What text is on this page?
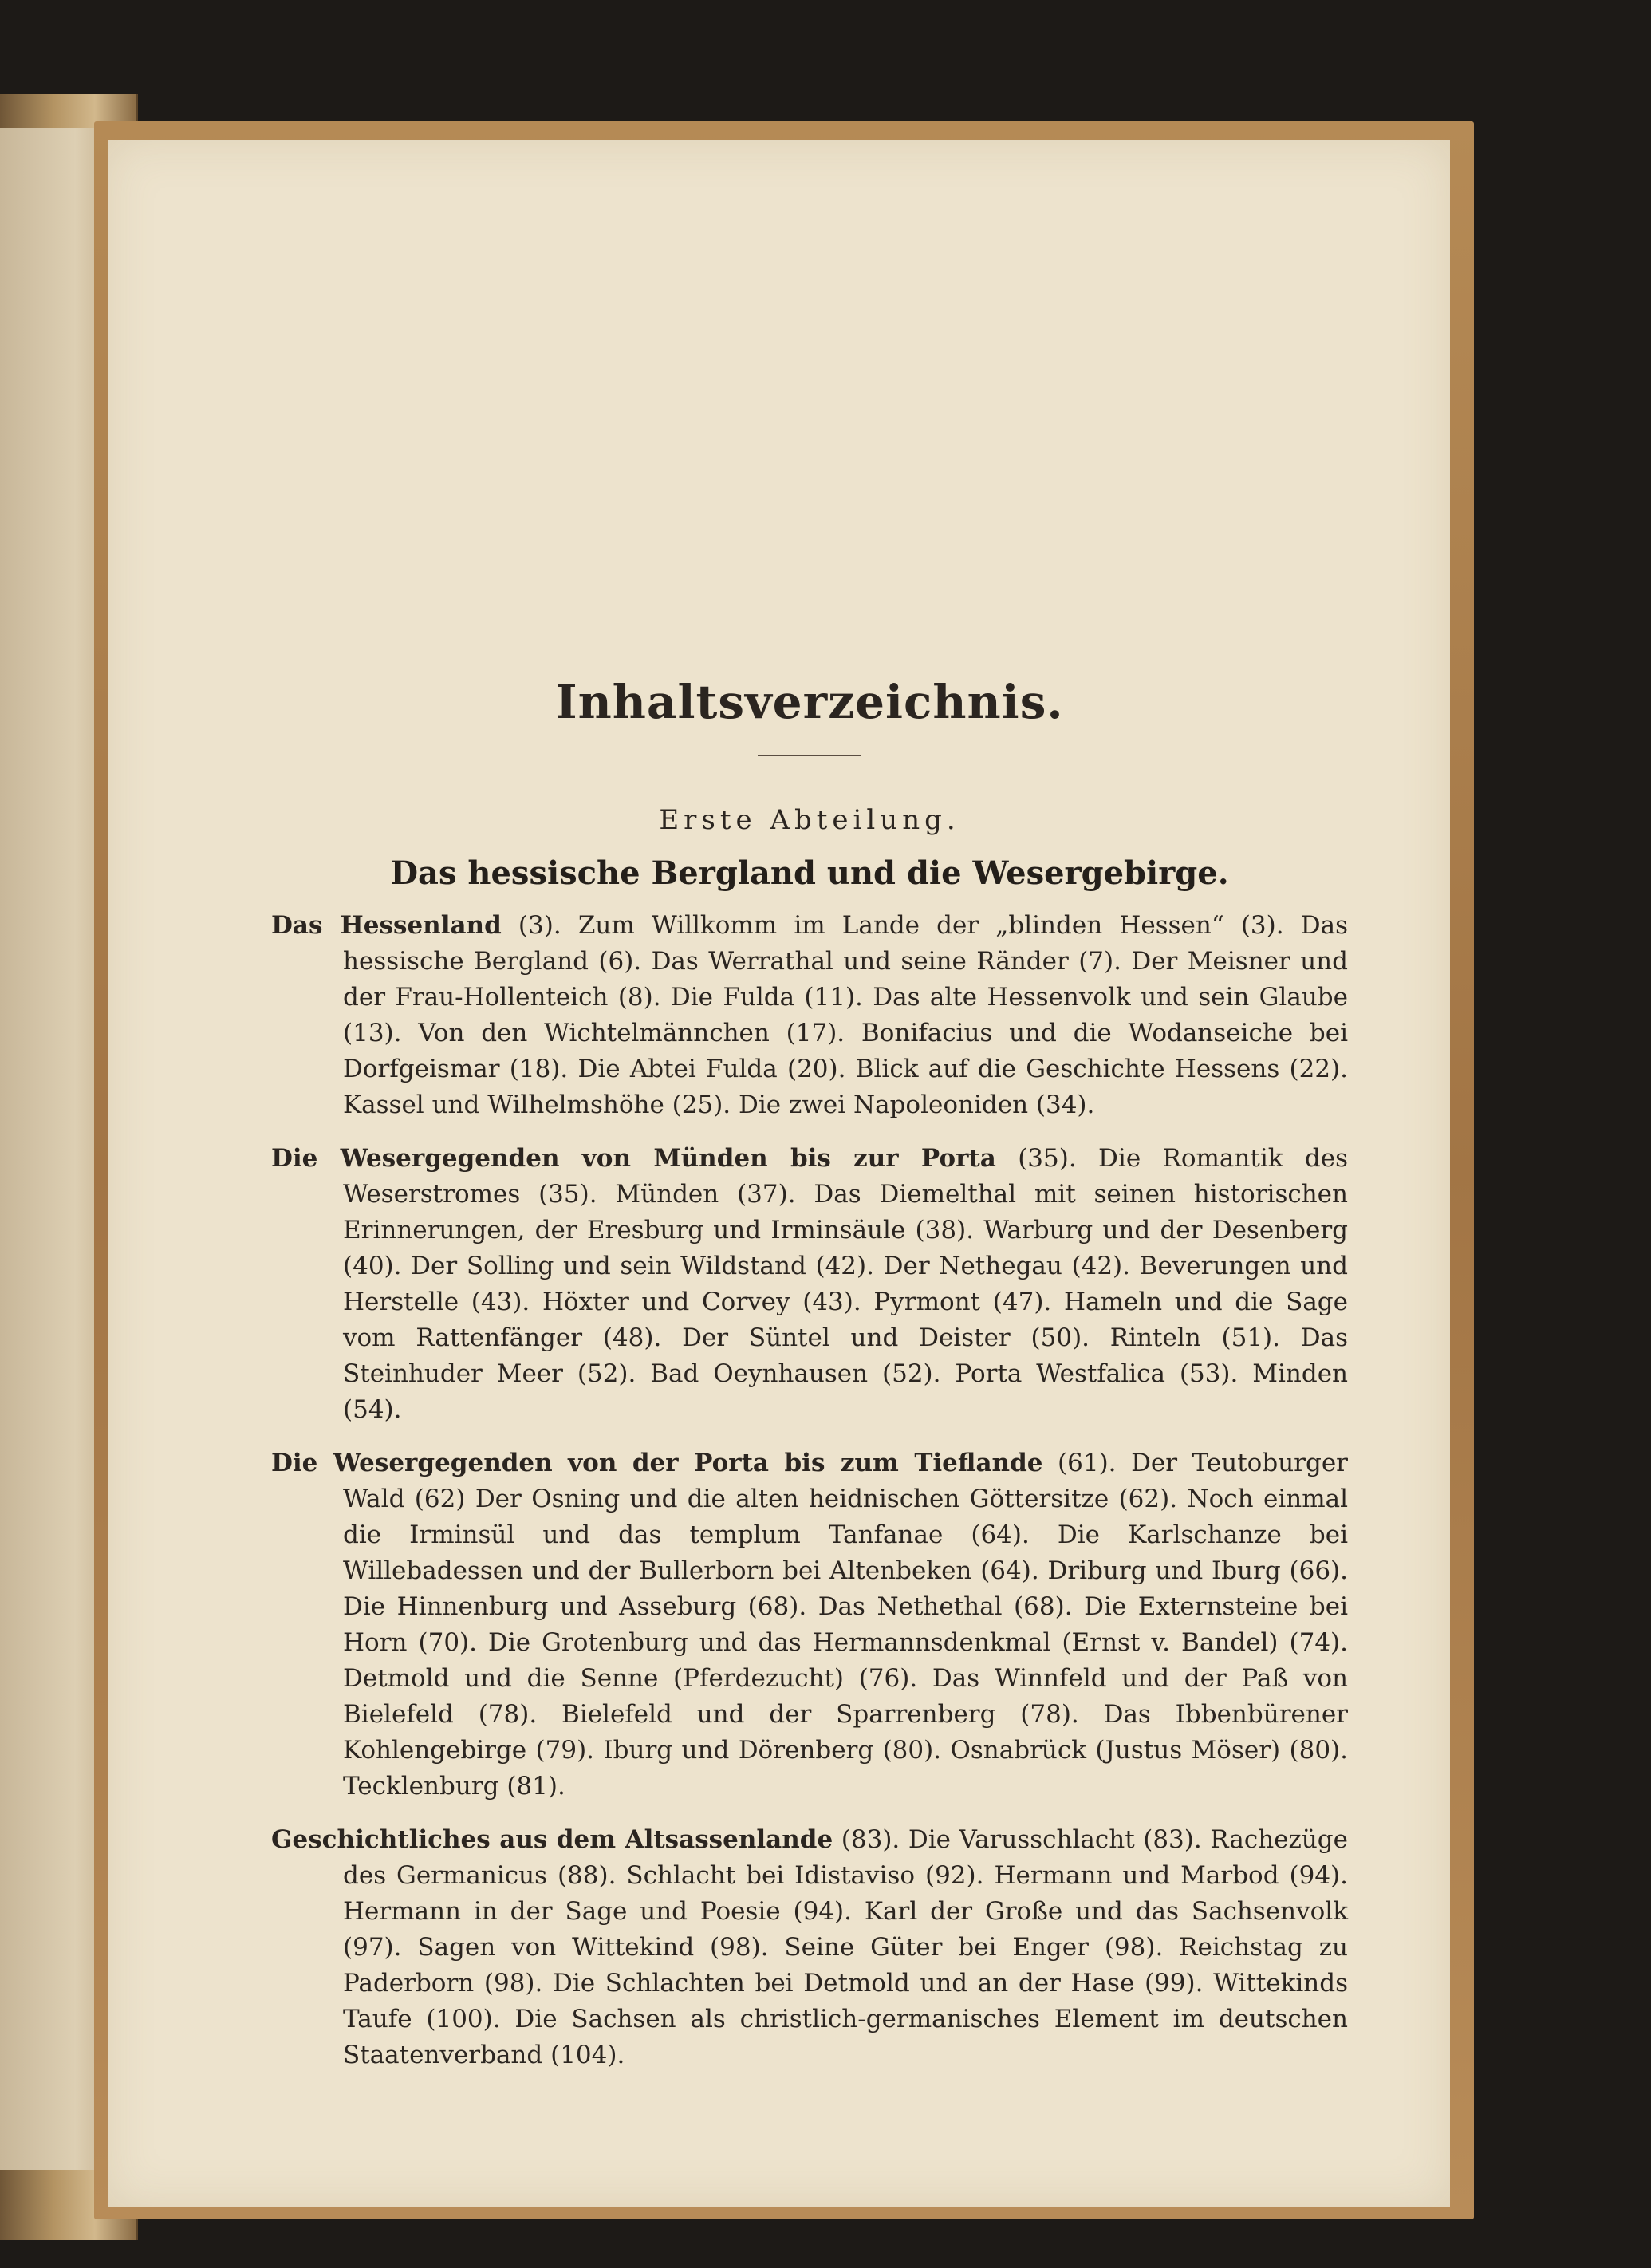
Inhaltsverzeichnis.
Erste Abteilung.
Das hessische Bergland und die Wesergebirge.

Das Hessenland (3). Zum Willkomm im Lande der „blinden Hessen“ (3). Das hessische Bergland (6). Das Werrathal und seine Ränder (7). Der Meisner und der Frau-Hollenteich (8). Die Fulda (11). Das alte Hessenvolk und sein Glaube (13). Von den Wichtelmännchen (17). Bonifacius und die Wodanseiche bei Dorfgeismar (18). Die Abtei Fulda (20). Blick auf die Geschichte Hessens (22). Kassel und Wilhelmshöhe (25). Die zwei Napoleoniden (34).

Die Wesergegenden von Münden bis zur Porta (35). Die Romantik des Weserstromes (35). Münden (37). Das Diemelthal mit seinen historischen Erinnerungen, der Eresburg und Irminsäule (38). Warburg und der Desenberg (40). Der Solling und sein Wildstand (42). Der Nethegau (42). Beverungen und Herstelle (43). Höxter und Corvey (43). Pyrmont (47). Hameln und die Sage vom Rattenfänger (48). Der Süntel und Deister (50). Rinteln (51). Das Steinhuder Meer (52). Bad Oeynhausen (52). Porta Westfalica (53). Minden (54).

Die Wesergegenden von der Porta bis zum Tieflande (61). Der Teutoburger Wald (62) Der Osning und die alten heidnischen Göttersitze (62). Noch einmal die Irminsül und das templum Tanfanae (64). Die Karlschanze bei Willebadessen und der Bullerborn bei Altenbeken (64). Driburg und Iburg (66). Die Hinnenburg und Asseburg (68). Das Nethethal (68). Die Externsteine bei Horn (70). Die Grotenburg und das Hermannsdenkmal (Ernst v. Bandel) (74). Detmold und die Senne (Pferdezucht) (76). Das Winnfeld und der Paß von Bielefeld (78). Bielefeld und der Sparrenberg (78). Das Ibbenbürener Kohlengebirge (79). Iburg und Dörenberg (80). Osnabrück (Justus Möser) (80). Tecklenburg (81).

Geschichtliches aus dem Altsassenlande (83). Die Varusschlacht (83). Rachezüge des Germanicus (88). Schlacht bei Idistaviso (92). Hermann und Marbod (94). Hermann in der Sage und Poesie (94). Karl der Große und das Sachsenvolk (97). Sagen von Wittekind (98). Seine Güter bei Enger (98). Reichstag zu Paderborn (98). Die Schlachten bei Detmold und an der Hase (99). Wittekinds Taufe (100). Die Sachsen als christlich-germanisches Element im deutschen Staatenverband (104).
